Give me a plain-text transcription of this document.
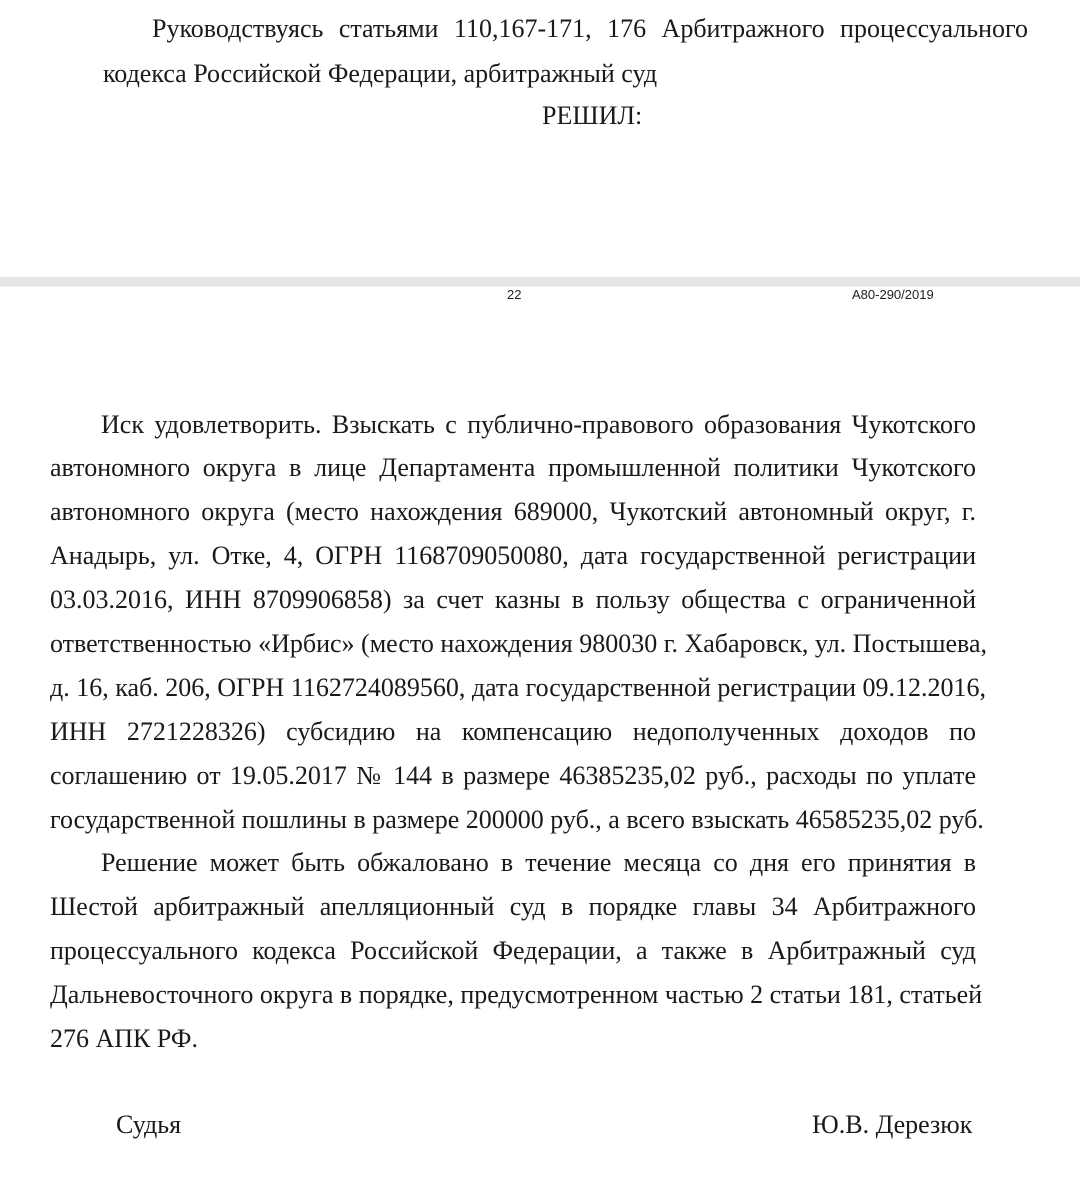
Руководствуясь статьями 110,167-171, 176 Арбитражного процессуального
кодекса Российской Федерации, арбитражный суд
РЕШИЛ:
22	А80-290/2019
Иск удовлетворить. Взыскать с публично-правового образования Чукотского
автономного округа в лице Департамента промышленной политики Чукотского
автономного округа (место нахождения 689000, Чукотский автономный округ, г.
Анадырь, ул. Отке, 4, ОГРН 1168709050080, дата государственной регистрации
03.03.2016, ИНН 8709906858) за счет казны в пользу общества с ограниченной
ответственностью «Ирбис» (место нахождения 980030 г. Хабаровск, ул. Постышева,
д. 16, каб. 206, ОГРН 1162724089560, дата государственной регистрации 09.12.2016,
ИНН 2721228326) субсидию на компенсацию недополученных доходов по
соглашению от 19.05.2017 № 144 в размере 46385235,02 руб., расходы по уплате
государственной пошлины в размере 200000 руб., а всего взыскать 46585235,02 руб.
Решение может быть обжаловано в течение месяца со дня его принятия в
Шестой арбитражный апелляционный суд в порядке главы 34 Арбитражного
процессуального кодекса Российской Федерации, а также в Арбитражный суд
Дальневосточного округа в порядке, предусмотренном частью 2 статьи 181, статьей
276 АПК РФ.
Судья	Ю.В. Дерезюк
